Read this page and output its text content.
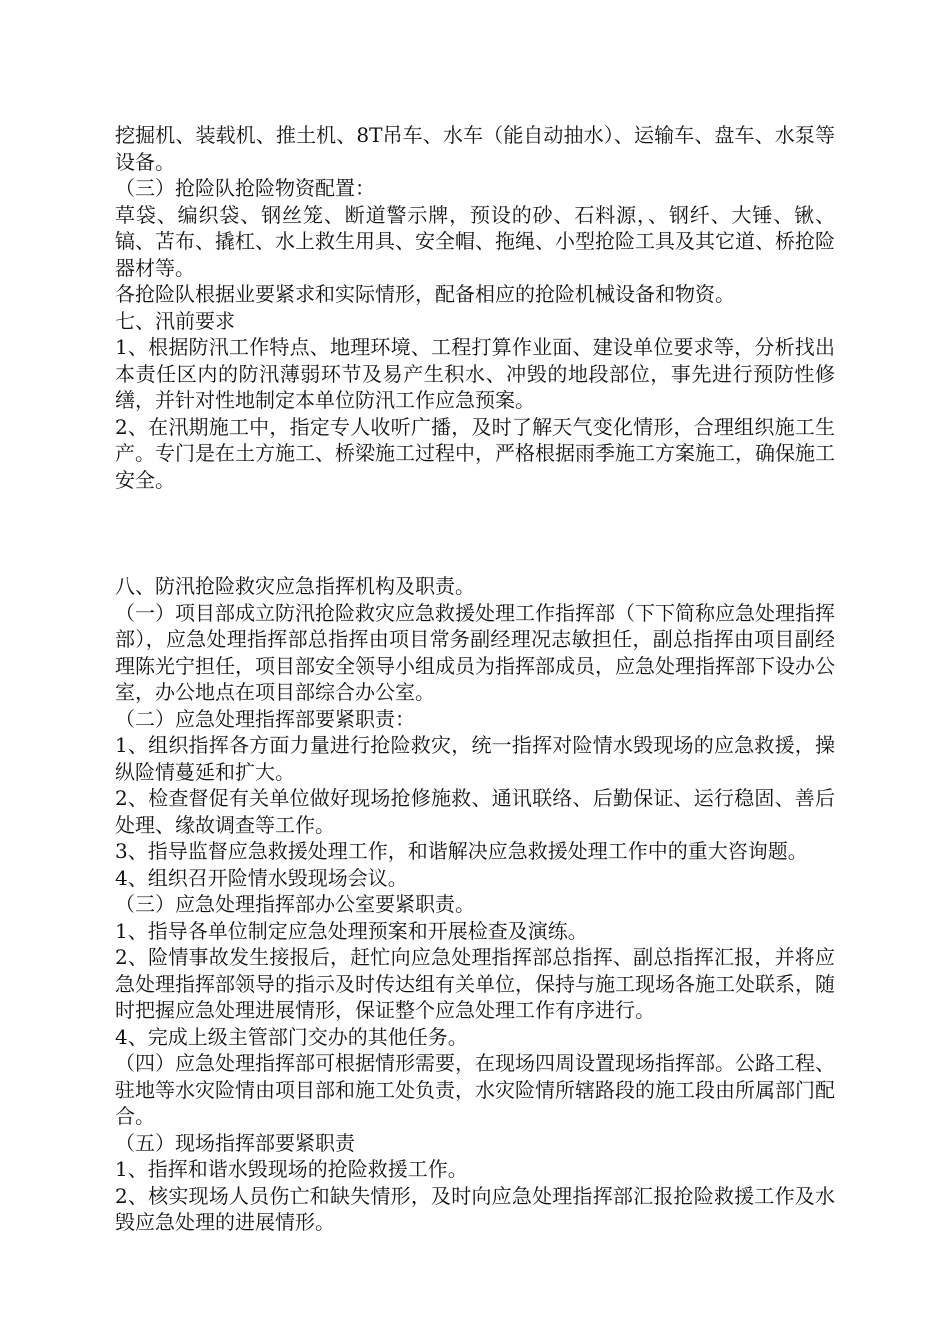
挖掘机、装载机、推土机、8T吊车、水车（能自动抽水）、运输车、盘车、水泵等设备。

（三）抢险队抢险物资配置：

草袋、编织袋、钢丝笼、断道警示牌，预设的砂、石料源，、钢纤、大锤、锹、镐、苫布、撬杠、水上救生用具、安全帽、拖绳、小型抢险工具及其它道、桥抢险器材等。

各抢险队根据业要紧求和实际情形，配备相应的抢险机械设备和物资。

七、汛前要求

1、根据防汛工作特点、地理环境、工程打算作业面、建设单位要求等，分析找出本责任区内的防汛薄弱环节及易产生积水、冲毁的地段部位，事先进行预防性修缮，并针对性地制定本单位防汛工作应急预案。

2、在汛期施工中，指定专人收听广播，及时了解天气变化情形，合理组织施工生产。专门是在土方施工、桥梁施工过程中，严格根据雨季施工方案施工，确保施工安全。

八、防汛抢险救灾应急指挥机构及职责。

（一）项目部成立防汛抢险救灾应急救援处理工作指挥部（下下简称应急处理指挥部），应急处理指挥部总指挥由项目常务副经理况志敏担任，副总指挥由项目副经理陈光宁担任，项目部安全领导小组成员为指挥部成员，应急处理指挥部下设办公室，办公地点在项目部综合办公室。

（二）应急处理指挥部要紧职责：

1、组织指挥各方面力量进行抢险救灾，统一指挥对险情水毁现场的应急救援，操纵险情蔓延和扩大。

2、检查督促有关单位做好现场抢修施救、通讯联络、后勤保证、运行稳固、善后处理、缘故调查等工作。

3、指导监督应急救援处理工作，和谐解决应急救援处理工作中的重大咨询题。

4、组织召开险情水毁现场会议。

（三）应急处理指挥部办公室要紧职责。

1、指导各单位制定应急处理预案和开展检查及演练。

2、险情事故发生接报后，赶忙向应急处理指挥部总指挥、副总指挥汇报，并将应急处理指挥部领导的指示及时传达组有关单位，保持与施工现场各施工处联系，随时把握应急处理进展情形，保证整个应急处理工作有序进行。

4、完成上级主管部门交办的其他任务。

（四）应急处理指挥部可根据情形需要，在现场四周设置现场指挥部。公路工程、驻地等水灾险情由项目部和施工处负责，水灾险情所辖路段的施工段由所属部门配合。

（五）现场指挥部要紧职责

1、指挥和谐水毁现场的抢险救援工作。

2、核实现场人员伤亡和缺失情形，及时向应急处理指挥部汇报抢险救援工作及水毁应急处理的进展情形。
